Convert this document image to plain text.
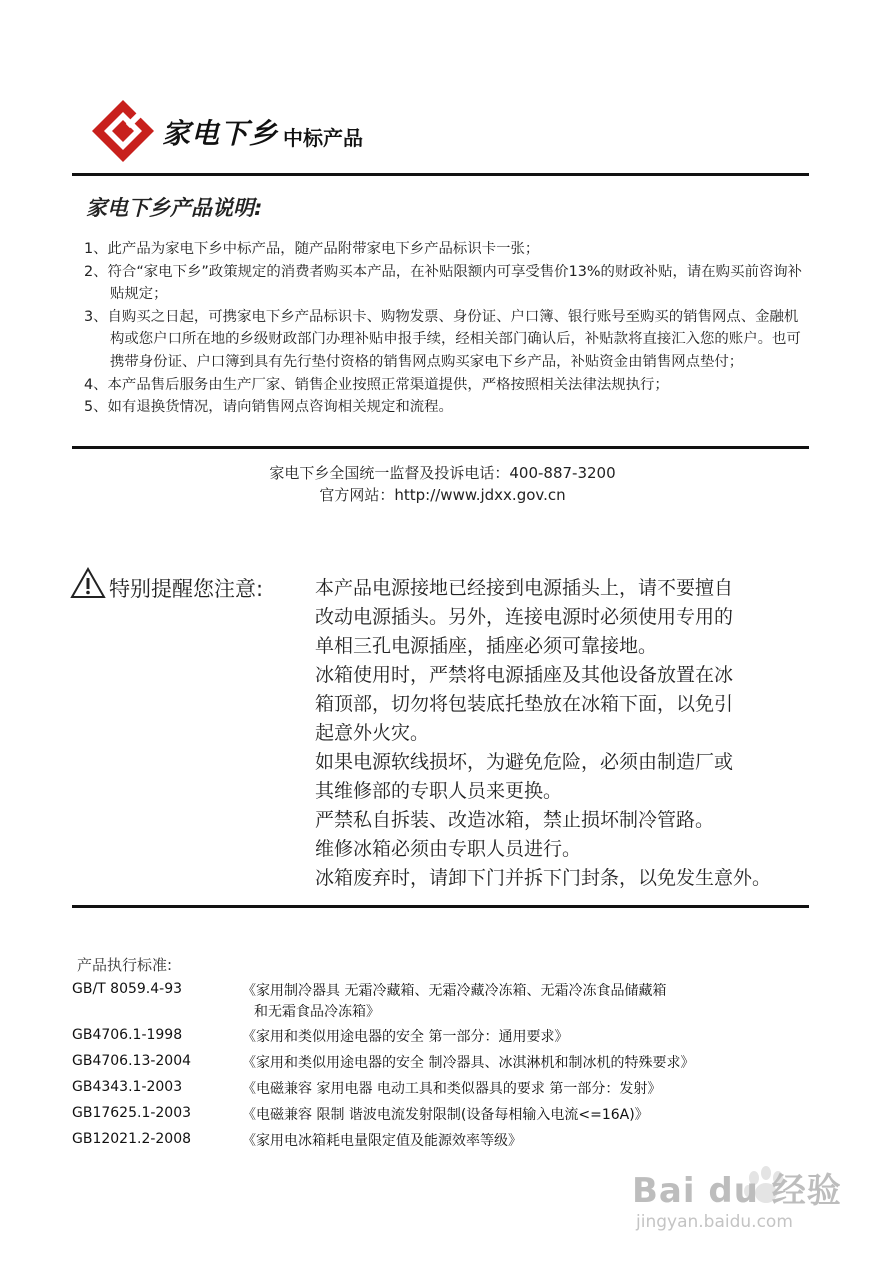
家电下乡 中标产品
家电下乡产品说明:
1、此产品为家电下乡中标产品，随产品附带家电下乡产品标识卡一张；
2、符合“家电下乡”政策规定的消费者购买本产品，在补贴限额内可享受售价13%的财政补贴，请在购买前咨询补贴规定；
3、自购买之日起，可携家电下乡产品标识卡、购物发票、身份证、户口簿、银行账号至购买的销售网点、金融机构或您户口所在地的乡级财政部门办理补贴申报手续，经相关部门确认后，补贴款将直接汇入您的账户。也可携带身份证、户口簿到具有先行垫付资格的销售网点购买家电下乡产品，补贴资金由销售网点垫付；
4、本产品售后服务由生产厂家、销售企业按照正常渠道提供，严格按照相关法律法规执行；
5、如有退换货情况，请向销售网点咨询相关规定和流程。
家电下乡全国统一监督及投诉电话：400-887-3200
官方网站：http://www.jdxx.gov.cn
特别提醒您注意:	本产品电源接地已经接到电源插头上，请不要擅自
改动电源插头。另外，连接电源时必须使用专用的
单相三孔电源插座，插座必须可靠接地。
冰箱使用时，严禁将电源插座及其他设备放置在冰
箱顶部，切勿将包装底托垫放在冰箱下面，以免引
起意外火灾。
如果电源软线损坏，为避免危险，必须由制造厂或
其维修部的专职人员来更换。
严禁私自拆装、改造冰箱，禁止损坏制冷管路。
维修冰箱必须由专职人员进行。
冰箱废弃时，请卸下门并拆下门封条，以免发生意外。
产品执行标准:
GB/T 8059.4-93	《家用制冷器具 无霜冷藏箱、无霜冷藏冷冻箱、无霜冷冻食品储藏箱
和无霜食品冷冻箱》
GB4706.1-1998	《家用和类似用途电器的安全 第一部分：通用要求》
GB4706.13-2004	《家用和类似用途电器的安全 制冷器具、冰淇淋机和制冰机的特殊要求》
GB4343.1-2003	《电磁兼容 家用电器 电动工具和类似器具的要求 第一部分：发射》
GB17625.1-2003	《电磁兼容 限制 谐波电流发射限制(设备每相输入电流<=16A)》
GB12021.2-2008	《家用电冰箱耗电量限定值及能源效率等级》
Bai du 经验
jingyan.baidu.com
